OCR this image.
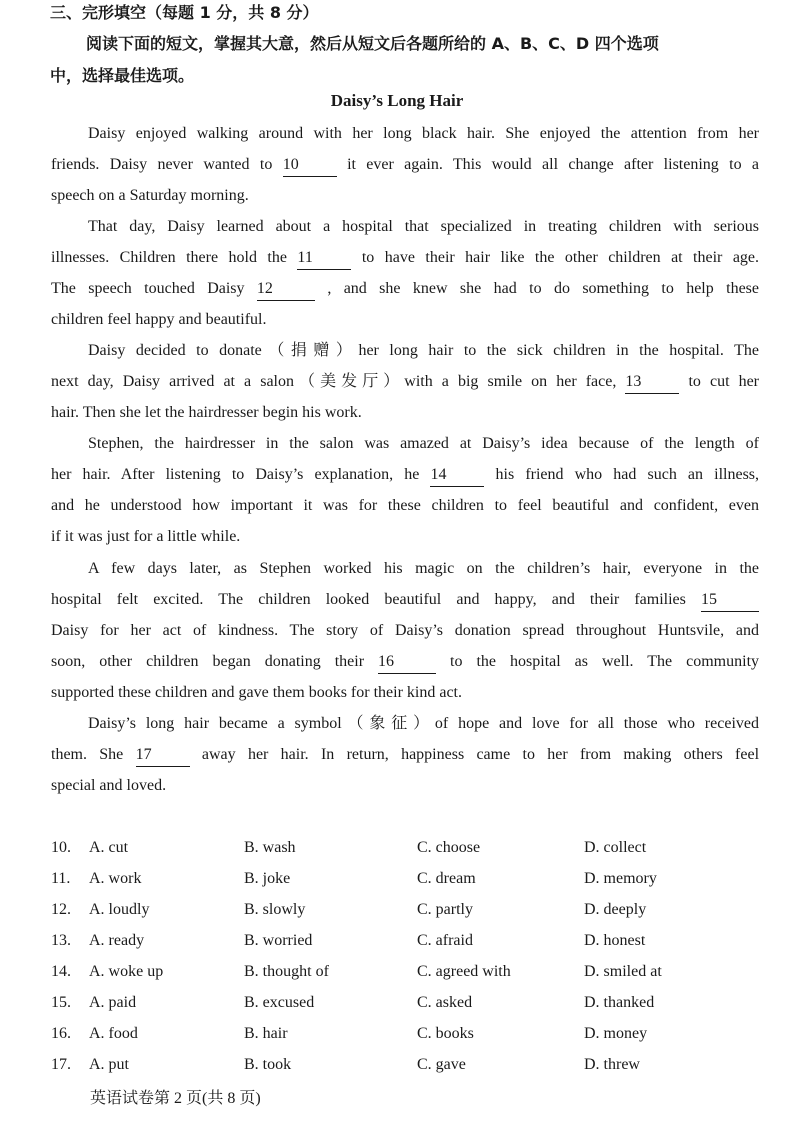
三、完形填空（每题 1 分，共 8 分）
阅读下面的短文，掌握其大意，然后从短文后各题所给的 A、B、C、D 四个选项
中，选择最佳选项。
Daisy’s Long Hair
Daisy enjoyed walking around with her long black hair. She enjoyed the attention from her
friends. Daisy never wanted to 10	it ever again. This would all change after listening to a
speech on a Saturday morning.
That day, Daisy learned about a hospital that specialized in treating children with serious
illnesses. Children there hold the 11	to have their hair like the other children at their age.
The speech touched Daisy 12	, and she knew she had to do something to help these
children feel happy and beautiful.
Daisy decided to donate（捐赠）her long hair to the sick children in the hospital. The
next day, Daisy arrived at a salon（美发厅）with a big smile on her face, 13	to cut her
hair. Then she let the hairdresser begin his work.
Stephen, the hairdresser in the salon was amazed at Daisy’s idea because of the length of
her hair. After listening to Daisy’s explanation, he 14	his friend who had such an illness,
and he understood how important it was for these children to feel beautiful and confident, even
if it was just for a little while.
A few days later, as Stephen worked his magic on the children’s hair, everyone in the
hospital felt excited. The children looked beautiful and happy, and their families 15
Daisy for her act of kindness. The story of Daisy’s donation spread throughout Huntsvile, and
soon, other children began donating their 16	to the hospital as well. The community
supported these children and gave them books for their kind act.
Daisy’s long hair became a symbol（象征）of hope and love for all those who received
them. She 17	away her hair. In return, happiness came to her from making others feel
special and loved.
10. A. cut	B. wash	C. choose	D. collect
11. A. work	B. joke	C. dream	D. memory
12. A. loudly	B. slowly	C. partly	D. deeply
13. A. ready	B. worried	C. afraid	D. honest
14. A. woke up	B. thought of	C. agreed with	D. smiled at
15. A. paid	B. excused	C. asked	D. thanked
16. A. food	B. hair	C. books	D. money
17. A. put	B. took	C. gave	D. threw
英语试卷第 2 页(共 8 页)
